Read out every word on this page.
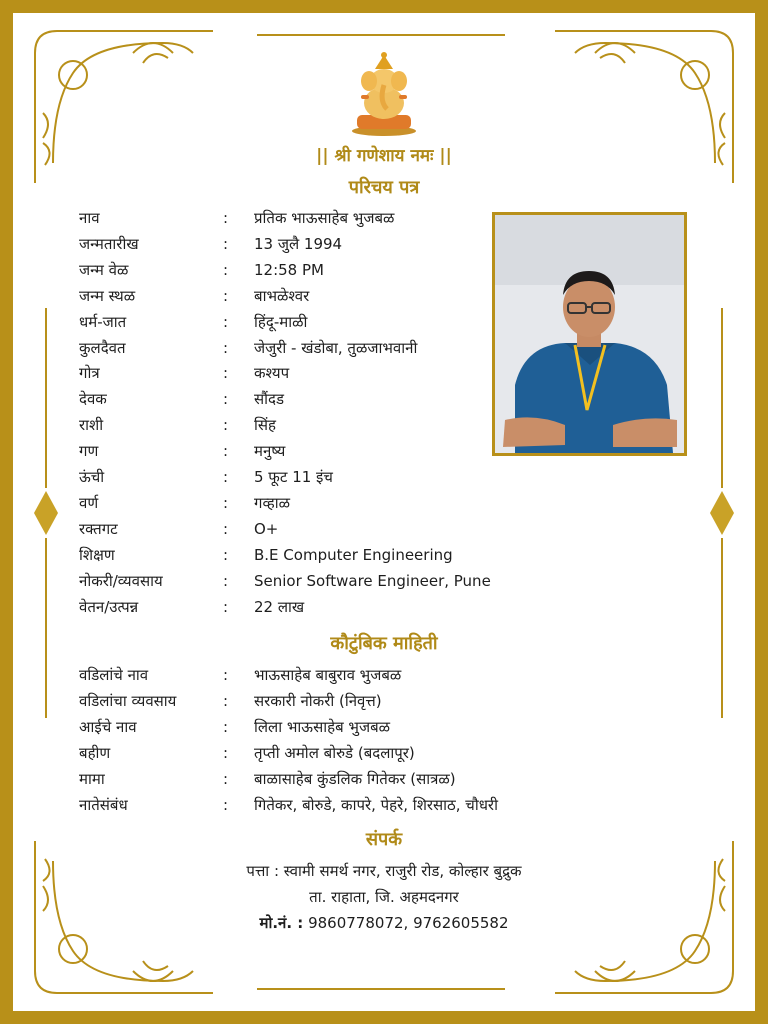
|| श्री गणेशाय नमः ||
परिचय पत्र
नाव	: प्रतिक भाऊसाहेब भुजबळ
जन्मतारीख	: 13 जुलै 1994
जन्म वेळ	: 12:58 PM
जन्म स्थळ	: बाभळेश्वर
धर्म-जात	: हिंदू-माळी
कुलदैवत	: जेजुरी - खंडोबा, तुळजाभवानी
गोत्र	: कश्यप
देवक	: सौंदड
राशी	: सिंह
गण	: मनुष्य
ऊंची	: 5 फूट 11 इंच
वर्ण	: गव्हाळ
रक्तगट	: O+
शिक्षण	: B.E Computer Engineering
नोकरी/व्यवसाय	: Senior Software Engineer, Pune
वेतन/उत्पन्न	: 22 लाख
कौटुंबिक माहिती
वडिलांचे नाव	: भाऊसाहेब बाबुराव भुजबळ
वडिलांचा व्यवसाय	: सरकारी नोकरी (निवृत्त)
आईचे नाव	: लिला भाऊसाहेब भुजबळ
बहीण	: तृप्ती अमोल बोरुडे (बदलापूर)
मामा	: बाळासाहेब कुंडलिक गितेकर (सात्रळ)
नातेसंबंध	: गितेकर, बोरुडे, कापरे, पेहरे, शिरसाठ, चौधरी
संपर्क
पत्ता : स्वामी समर्थ नगर, राजुरी रोड, कोल्हार बुद्रुक
ता. राहाता, जि. अहमदनगर
मो.नं. : 9860778072, 9762605582
